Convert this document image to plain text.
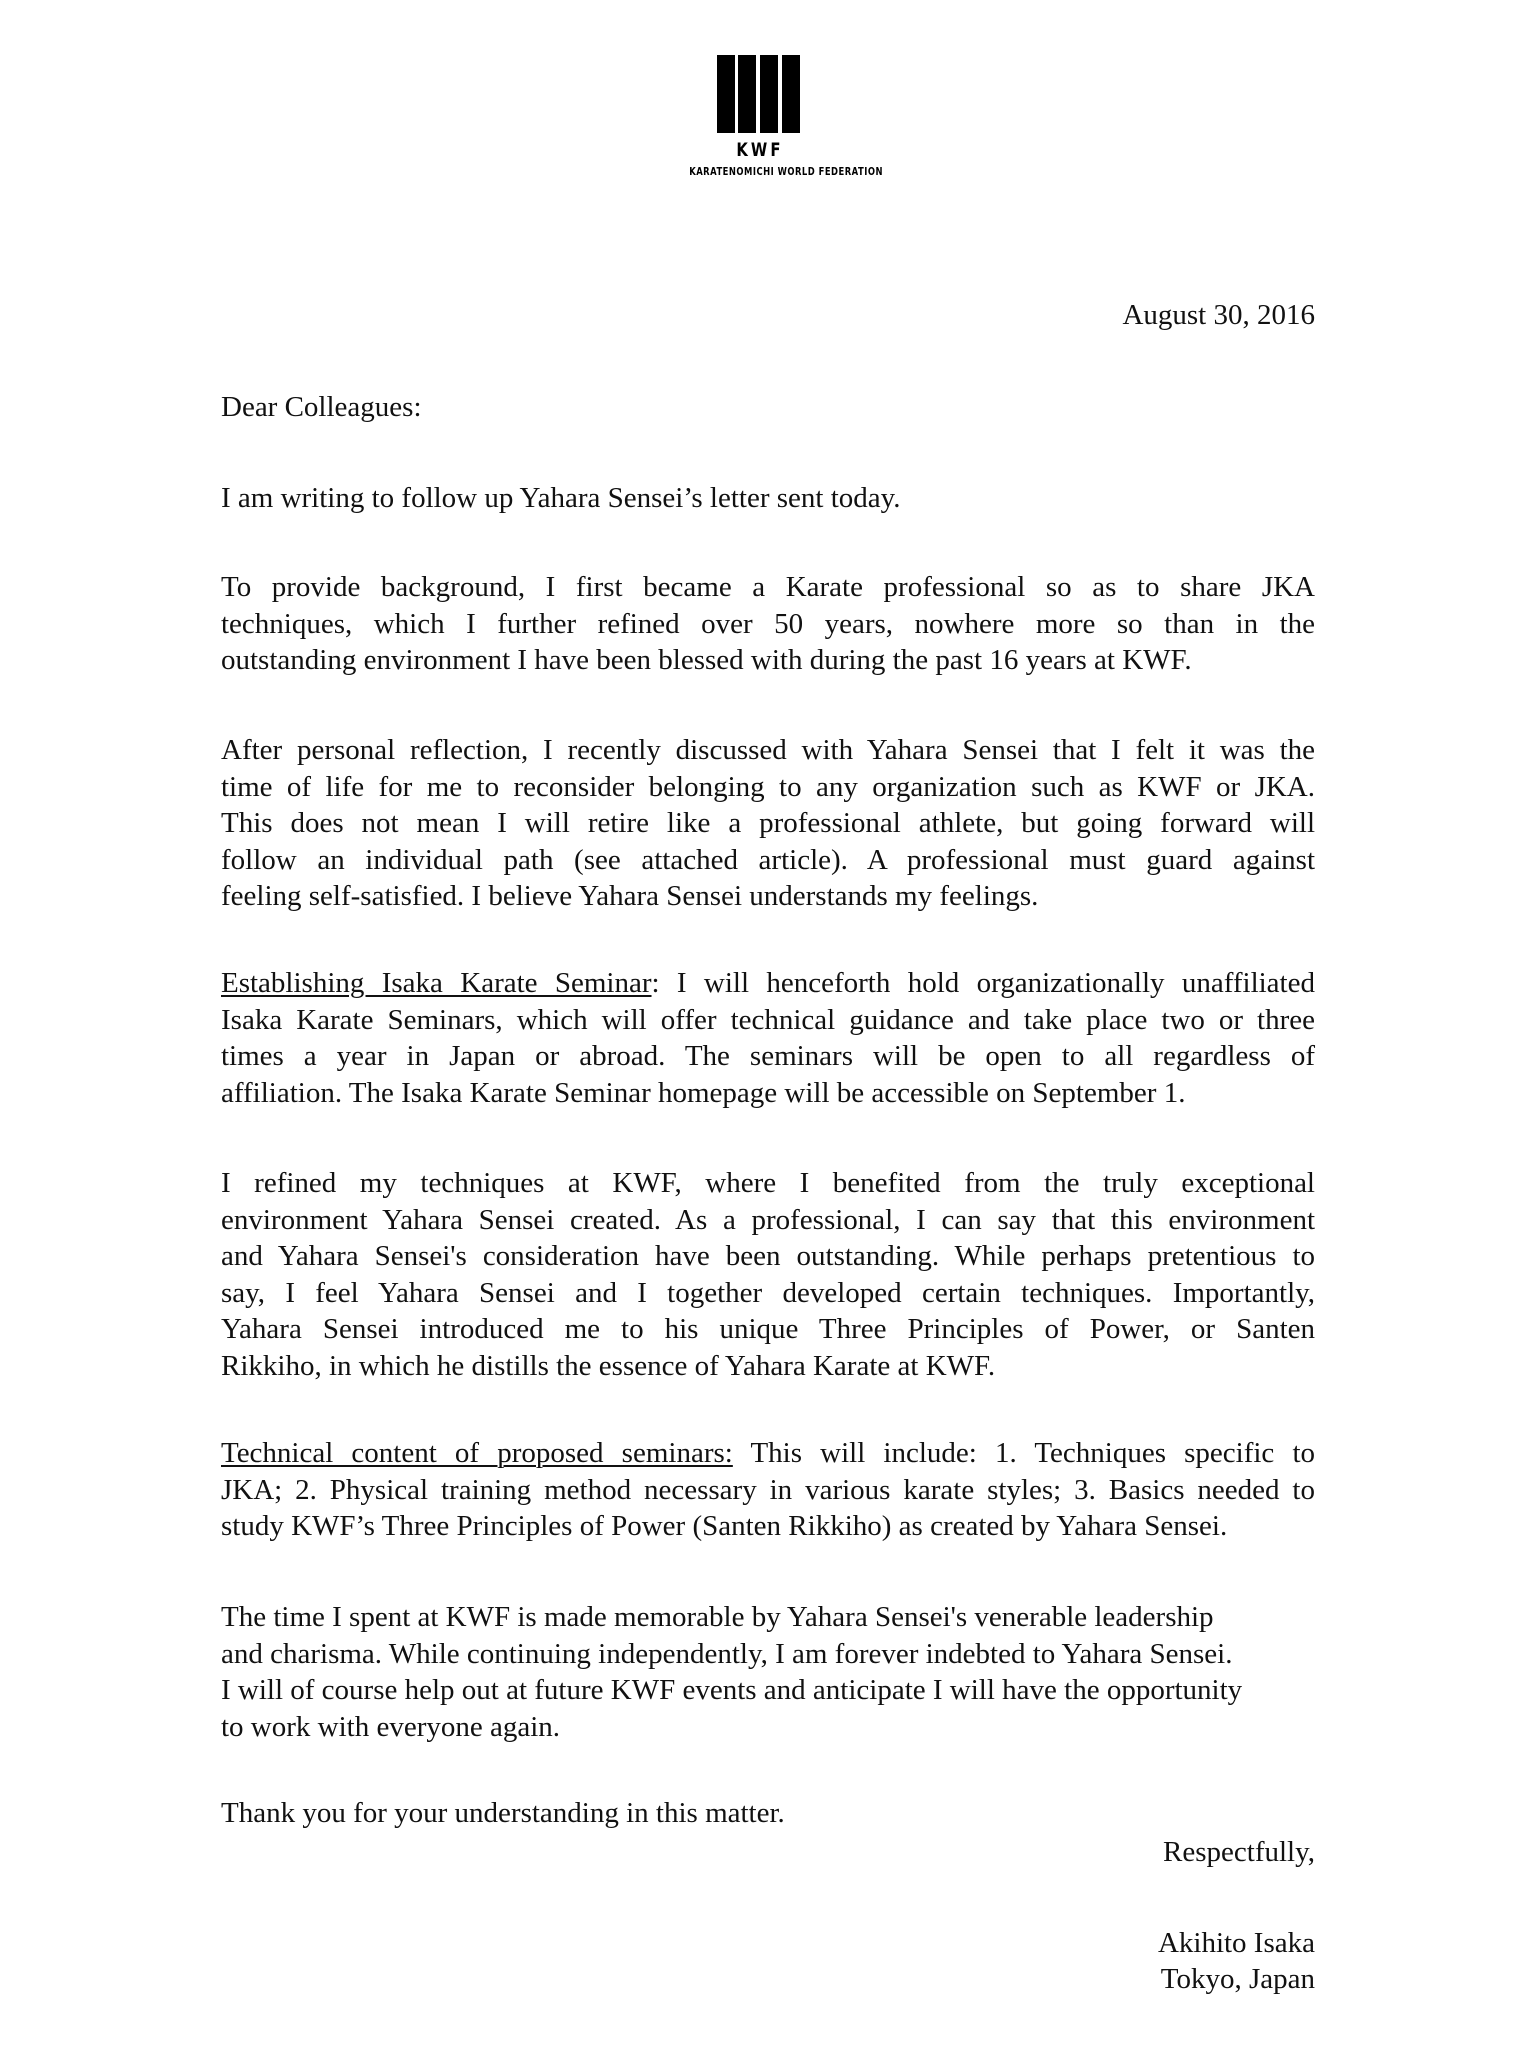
KWF
KARATENOMICHI WORLD FEDERATION
August 30, 2016
Dear Colleagues:
I am writing to follow up Yahara Sensei’s letter sent today.
To provide background, I first became a Karate professional so as to share JKA
techniques, which I further refined over 50 years, nowhere more so than in the
outstanding environment I have been blessed with during the past 16 years at KWF.
After personal reflection, I recently discussed with Yahara Sensei that I felt it was the
time of life for me to reconsider belonging to any organization such as KWF or JKA.
This does not mean I will retire like a professional athlete, but going forward will
follow an individual path (see attached article). A professional must guard against
feeling self-satisfied. I believe Yahara Sensei understands my feelings.
Establishing Isaka Karate Seminar: I will henceforth hold organizationally unaffiliated
Isaka Karate Seminars, which will offer technical guidance and take place two or three
times a year in Japan or abroad. The seminars will be open to all regardless of
affiliation. The Isaka Karate Seminar homepage will be accessible on September 1.
I refined my techniques at KWF, where I benefited from the truly exceptional
environment Yahara Sensei created. As a professional, I can say that this environment
and Yahara Sensei's consideration have been outstanding. While perhaps pretentious to
say, I feel Yahara Sensei and I together developed certain techniques. Importantly,
Yahara Sensei introduced me to his unique Three Principles of Power, or Santen
Rikkiho, in which he distills the essence of Yahara Karate at KWF.
Technical content of proposed seminars: This will include: 1. Techniques specific to
JKA; 2. Physical training method necessary in various karate styles; 3. Basics needed to
study KWF’s Three Principles of Power (Santen Rikkiho) as created by Yahara Sensei.
The time I spent at KWF is made memorable by Yahara Sensei's venerable leadership
and charisma. While continuing independently, I am forever indebted to Yahara Sensei.
I will of course help out at future KWF events and anticipate I will have the opportunity
to work with everyone again.
Thank you for your understanding in this matter.
Respectfully,
Akihito Isaka
Tokyo, Japan
